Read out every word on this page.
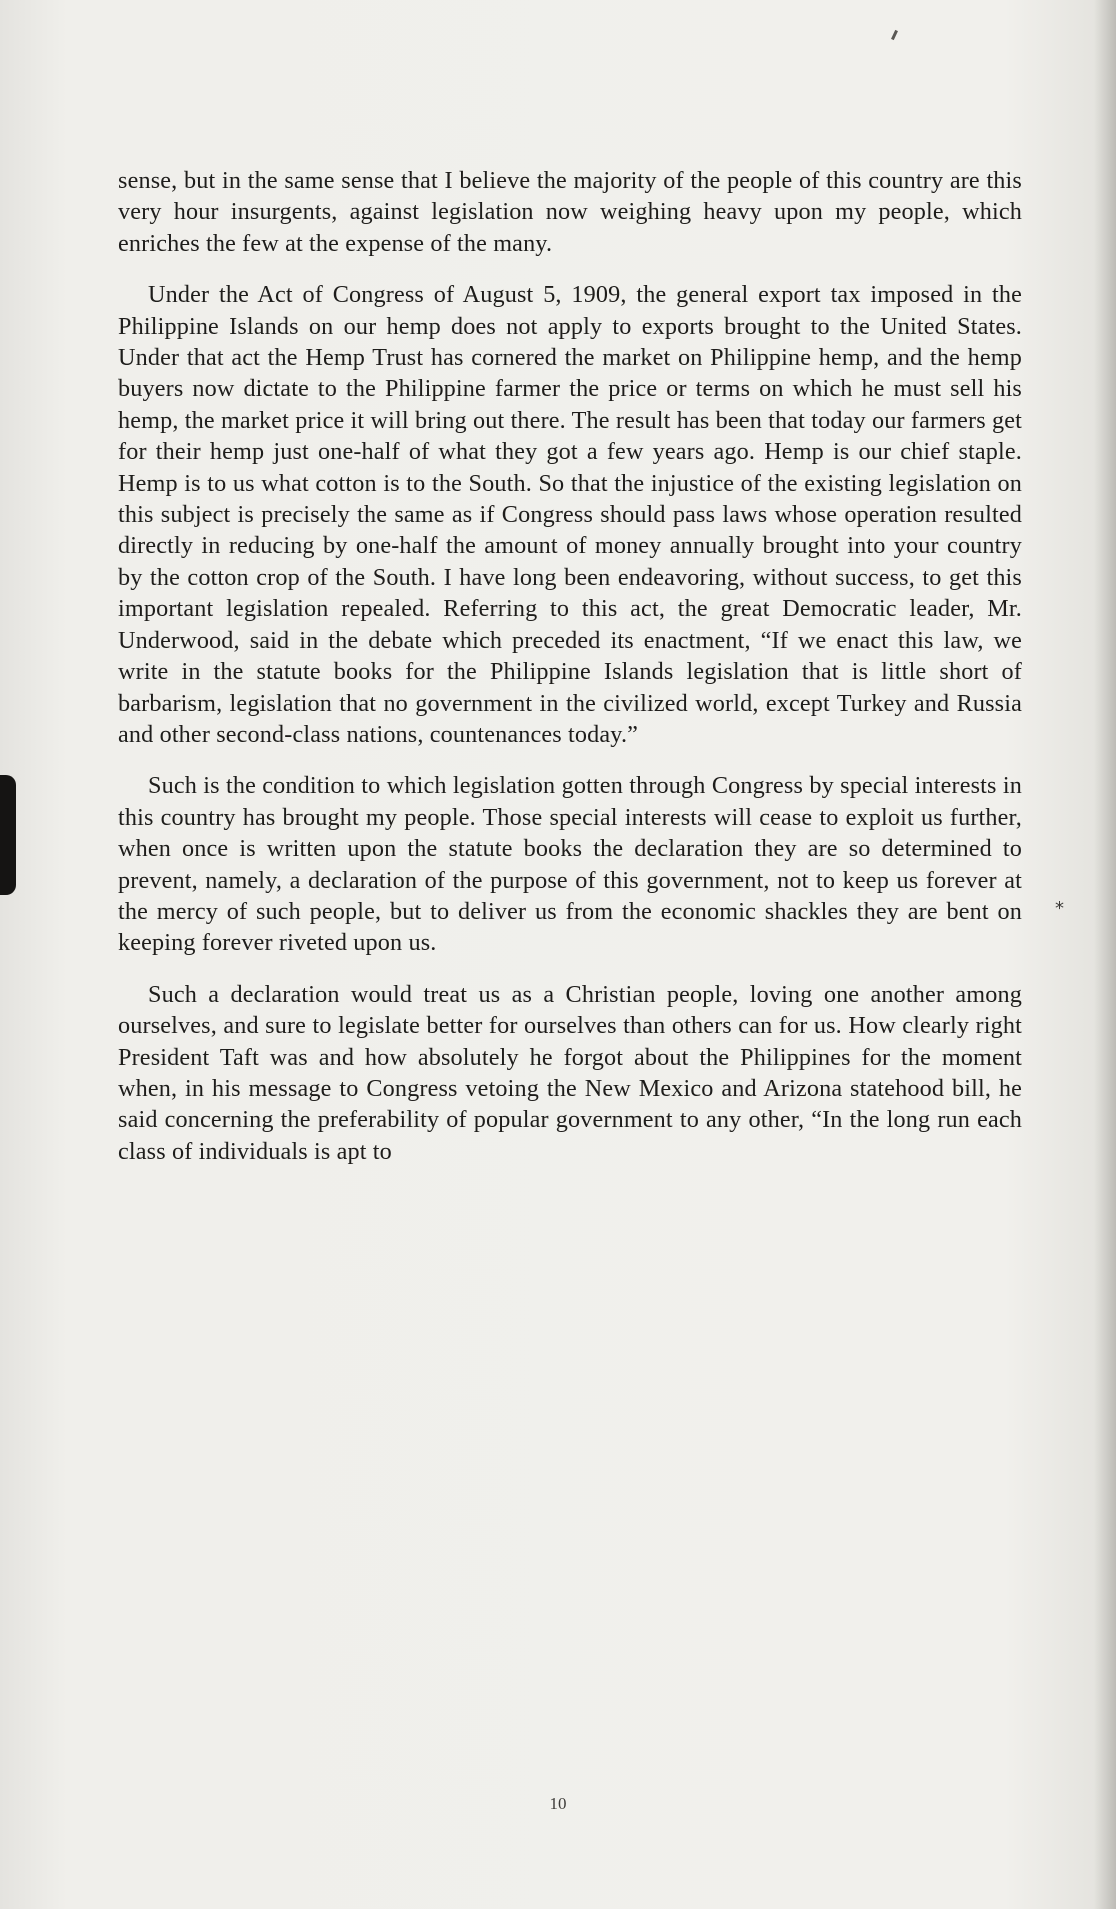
*

sense, but in the same sense that I believe the majority of the people of this country are this very hour insurgents, against legislation now weighing heavy upon my people, which enriches the few at the expense of the many.

Under the Act of Congress of August 5, 1909, the general export tax imposed in the Philippine Islands on our hemp does not apply to exports brought to the United States. Under that act the Hemp Trust has cornered the market on Philippine hemp, and the hemp buyers now dictate to the Philippine farmer the price or terms on which he must sell his hemp, the market price it will bring out there. The result has been that today our farmers get for their hemp just one-half of what they got a few years ago. Hemp is our chief staple. Hemp is to us what cotton is to the South. So that the injustice of the existing legislation on this subject is precisely the same as if Congress should pass laws whose operation resulted directly in reducing by one-half the amount of money annually brought into your country by the cotton crop of the South. I have long been endeavoring, without success, to get this important legislation repealed. Referring to this act, the great Democratic leader, Mr. Underwood, said in the debate which preceded its enactment, “If we enact this law, we write in the statute books for the Philippine Islands legislation that is little short of barbarism, legislation that no government in the civilized world, except Turkey and Russia and other second-class nations, countenances today.”

Such is the condition to which legislation gotten through Congress by special interests in this country has brought my people. Those special interests will cease to exploit us further, when once is written upon the statute books the declaration they are so determined to prevent, namely, a declaration of the purpose of this government, not to keep us forever at the mercy of such people, but to deliver us from the economic shackles they are bent on keeping forever riveted upon us.

Such a declaration would treat us as a Christian people, loving one another among ourselves, and sure to legislate better for ourselves than others can for us. How clearly right President Taft was and how absolutely he forgot about the Philippines for the moment when, in his message to Congress vetoing the New Mexico and Arizona statehood bill, he said concerning the preferability of popular government to any other, “In the long run each class of individuals is apt to

10
